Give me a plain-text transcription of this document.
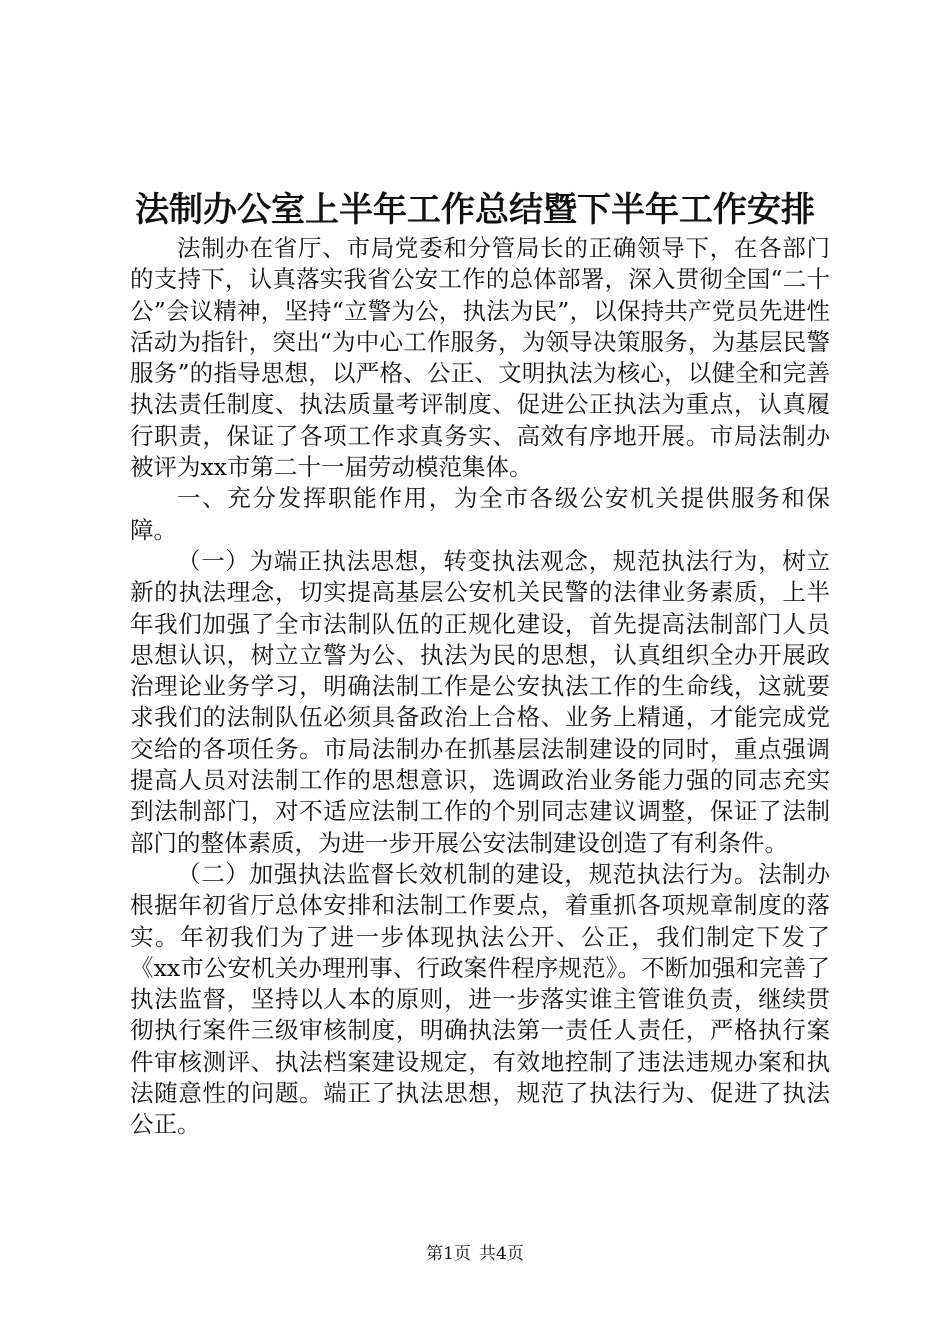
法制办公室上半年工作总结暨下半年工作安排

法制办在省厅、市局党委和分管局长的正确领导下，在各部门的支持下，认真落实我省公安工作的总体部署，深入贯彻全国“二十公”会议精神，坚持“立警为公，执法为民”，以保持共产党员先进性活动为指针，突出“为中心工作服务，为领导决策服务，为基层民警服务”的指导思想，以严格、公正、文明执法为核心，以健全和完善执法责任制度、执法质量考评制度、促进公正执法为重点，认真履行职责，保证了各项工作求真务实、高效有序地开展。市局法制办被评为xx市第二十一届劳动模范集体。

一、充分发挥职能作用，为全市各级公安机关提供服务和保障。

（一）为端正执法思想，转变执法观念，规范执法行为，树立新的执法理念，切实提高基层公安机关民警的法律业务素质，上半年我们加强了全市法制队伍的正规化建设，首先提高法制部门人员思想认识，树立立警为公、执法为民的思想，认真组织全办开展政治理论业务学习，明确法制工作是公安执法工作的生命线，这就要求我们的法制队伍必须具备政治上合格、业务上精通，才能完成党交给的各项任务。市局法制办在抓基层法制建设的同时，重点强调提高人员对法制工作的思想意识，选调政治业务能力强的同志充实到法制部门，对不适应法制工作的个别同志建议调整，保证了法制部门的整体素质，为进一步开展公安法制建设创造了有利条件。

（二）加强执法监督长效机制的建设，规范执法行为。法制办根据年初省厅总体安排和法制工作要点，着重抓各项规章制度的落实。年初我们为了进一步体现执法公开、公正，我们制定下发了《xx市公安机关办理刑事、行政案件程序规范》。不断加强和完善了执法监督，坚持以人本的原则，进一步落实谁主管谁负责，继续贯彻执行案件三级审核制度，明确执法第一责任人责任，严格执行案件审核测评、执法档案建设规定，有效地控制了违法违规办案和执法随意性的问题。端正了执法思想，规范了执法行为、促进了执法公正。

第1页 共4页
